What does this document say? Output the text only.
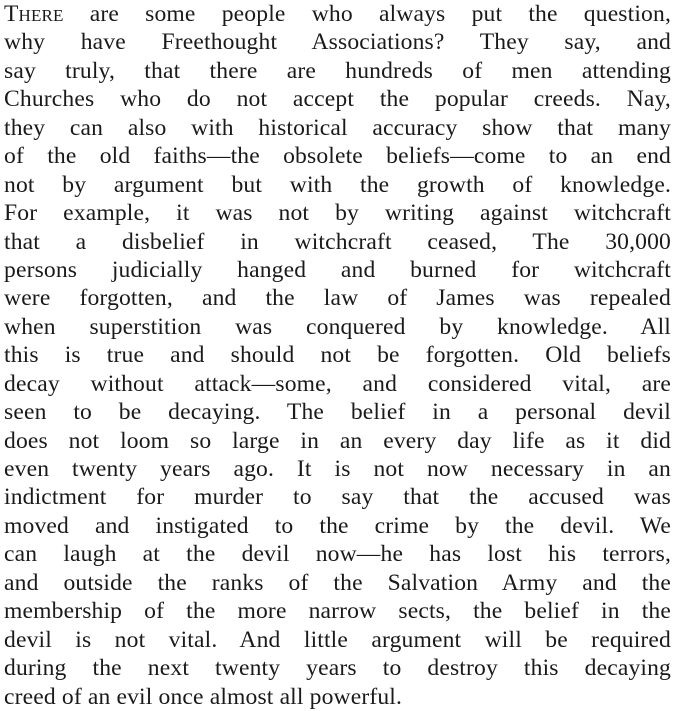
There are some people who always put the question,
why have Freethought Associations? They say, and
say truly, that there are hundreds of men attending
Churches who do not accept the popular creeds. Nay,
they can also with historical accuracy show that many
of the old faiths—the obsolete beliefs—come to an end
not by argument but with the growth of knowledge.
For example, it was not by writing against witchcraft
that a disbelief in witchcraft ceased, The 30,000
persons judicially hanged and burned for witchcraft
were forgotten, and the law of James was repealed
when superstition was conquered by knowledge. All
this is true and should not be forgotten. Old beliefs
decay without attack—some, and considered vital, are
seen to be decaying. The belief in a personal devil
does not loom so large in an every day life as it did
even twenty years ago. It is not now necessary in an
indictment for murder to say that the accused was
moved and instigated to the crime by the devil. We
can laugh at the devil now—he has lost his terrors,
and outside the ranks of the Salvation Army and the
membership of the more narrow sects, the belief in the
devil is not vital. And little argument will be required
during the next twenty years to destroy this decaying
creed of an evil once almost all powerful.
